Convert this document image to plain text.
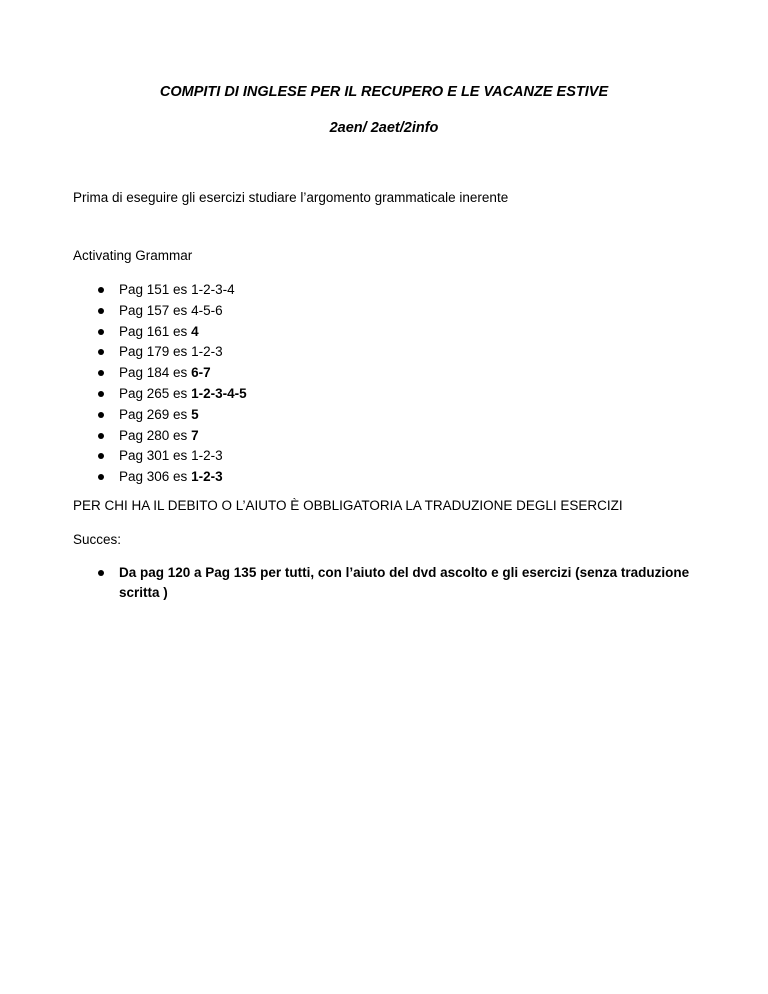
COMPITI DI INGLESE PER IL RECUPERO E LE VACANZE ESTIVE
2aen/ 2aet/2info
Prima di eseguire gli esercizi studiare l’argomento grammaticale inerente
Activating Grammar
Pag 151 es 1-2-3-4
Pag 157 es 4-5-6
Pag 161 es 4
Pag 179 es 1-2-3
Pag 184 es 6-7
Pag 265 es 1-2-3-4-5
Pag 269 es 5
Pag 280 es 7
Pag 301 es 1-2-3
Pag 306 es 1-2-3
PER CHI HA IL DEBITO O L’AIUTO È OBBLIGATORIA LA TRADUZIONE DEGLI ESERCIZI
Succes:
Da pag 120 a Pag 135 per tutti, con l’aiuto del dvd ascolto e gli esercizi (senza traduzione scritta )
